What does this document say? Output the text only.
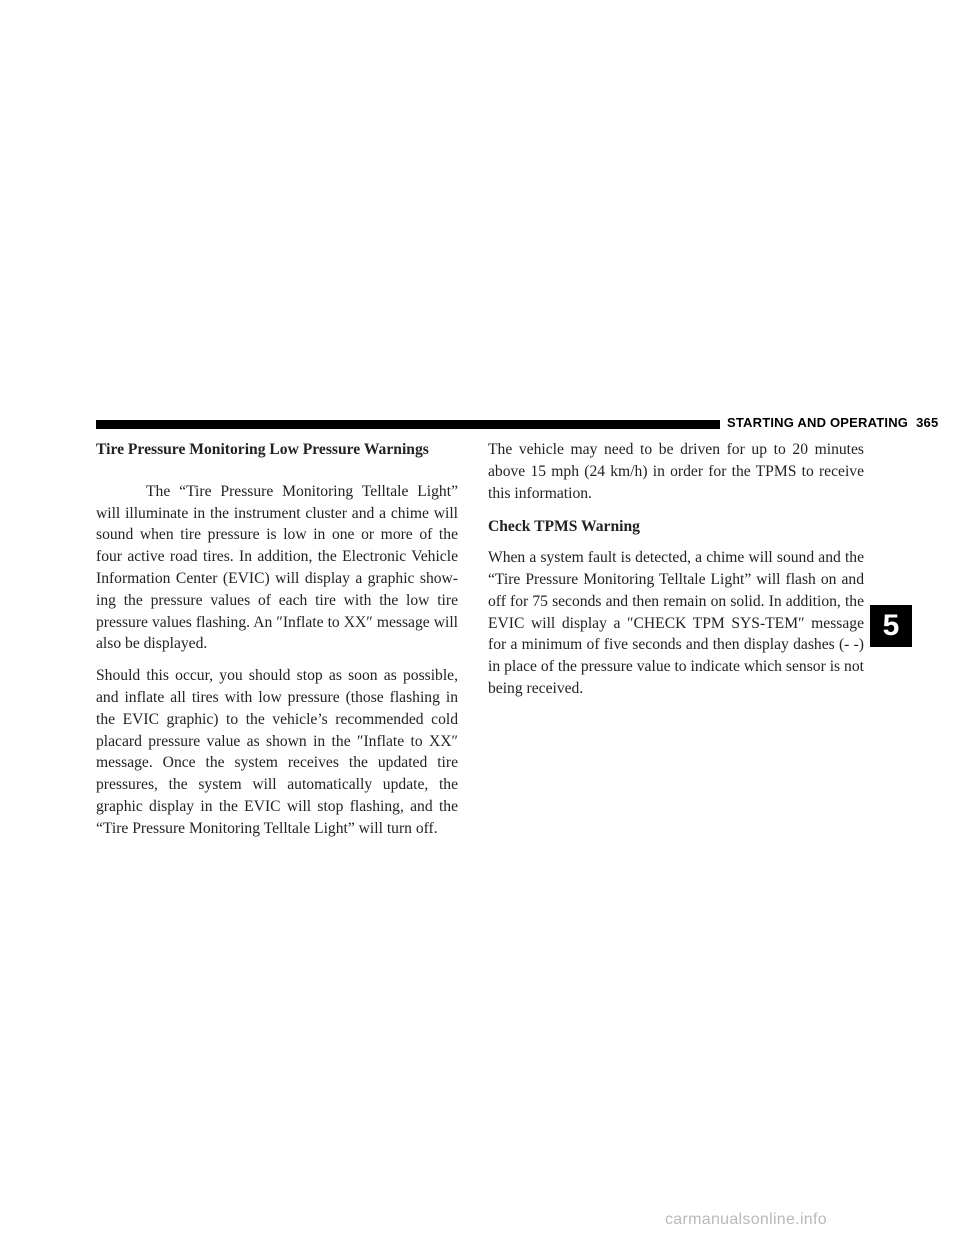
STARTING AND OPERATING 365
Tire Pressure Monitoring Low Pressure Warnings

The “Tire Pressure Monitoring Telltale Light” will illuminate in the instrument cluster and a chime will sound when tire pressure is low in one or more of the four active road tires. In addition, the Electronic Vehicle Information Center (EVIC) will display a graphic show-ing the pressure values of each tire with the low tire pressure values flashing. An ″Inflate to XX″ message will also be displayed.

Should this occur, you should stop as soon as possible, and inflate all tires with low pressure (those flashing in the EVIC graphic) to the vehicle’s recommended cold placard pressure value as shown in the ″Inflate to XX″ message. Once the system receives the updated tire pressures, the system will automatically update, the graphic display in the EVIC will stop flashing, and the “Tire Pressure Monitoring Telltale Light” will turn off.

The vehicle may need to be driven for up to 20 minutes above 15 mph (24 km/h) in order for the TPMS to receive this information.

Check TPMS Warning

When a system fault is detected, a chime will sound and the “Tire Pressure Monitoring Telltale Light” will flash on and off for 75 seconds and then remain on solid. In addition, the EVIC will display a ″CHECK TPM SYS-TEM″ message for a minimum of five seconds and then display dashes (- -) in place of the pressure value to indicate which sensor is not being received.

5
carmanualsonline.info
